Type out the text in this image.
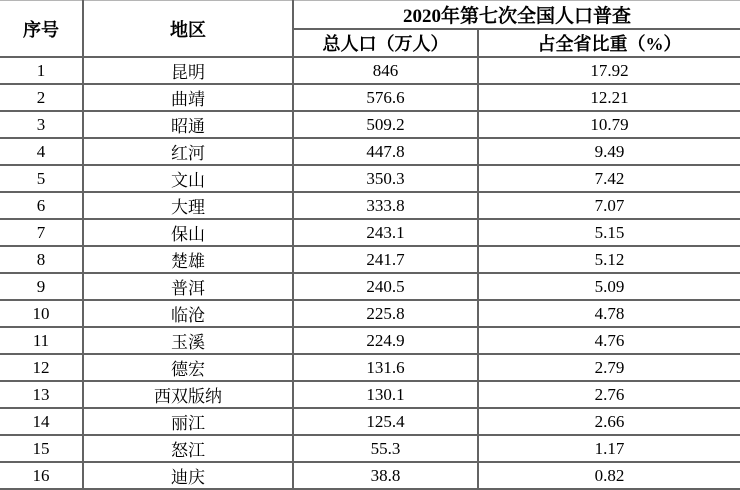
序号	地区	2020年第七次全国人口普查	
		总人口（万人）	占全省比重（%）
1	昆明	846	17.92
2	曲靖	576.6	12.21
3	昭通	509.2	10.79
4	红河	447.8	9.49
5	文山	350.3	7.42
6	大理	333.8	7.07
7	保山	243.1	5.15
8	楚雄	241.7	5.12
9	普洱	240.5	5.09
10	临沧	225.8	4.78
11	玉溪	224.9	4.76
12	德宏	131.6	2.79
13	西双版纳	130.1	2.76
14	丽江	125.4	2.66
15	怒江	55.3	1.17
16	迪庆	38.8	0.82
